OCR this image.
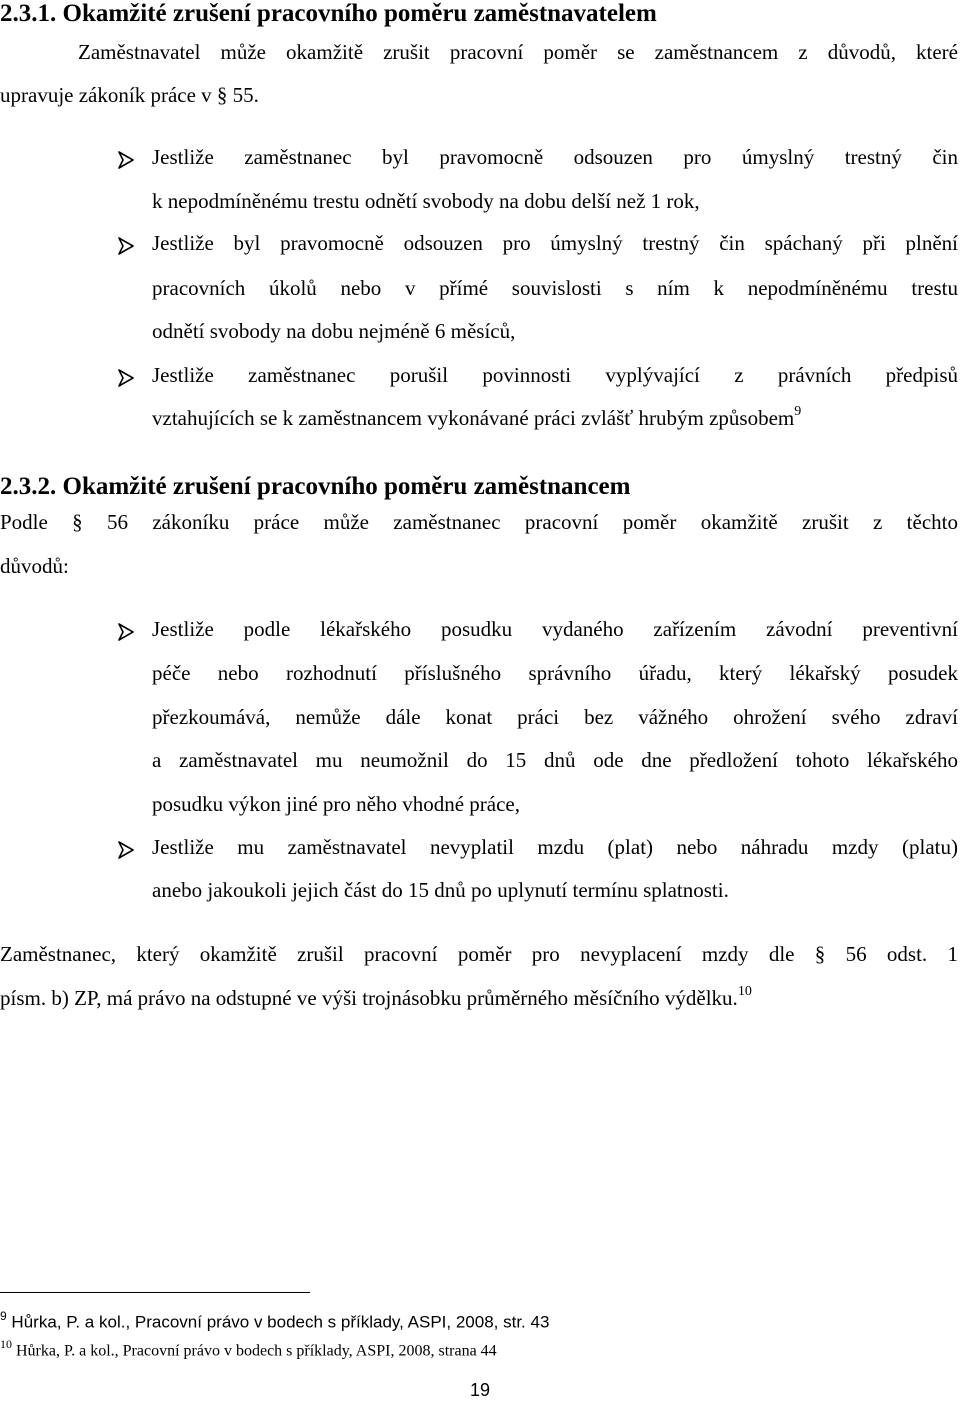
2.3.1. Okamžité zrušení pracovního poměru zaměstnavatelem
Zaměstnavatel může okamžitě zrušit pracovní poměr se zaměstnancem z důvodů, které
upravuje zákoník práce v § 55.
Jestliže zaměstnanec byl pravomocně odsouzen pro úmyslný trestný čin
k nepodmíněnému trestu odnětí svobody na dobu delší než 1 rok,
Jestliže byl pravomocně odsouzen pro úmyslný trestný čin spáchaný při plnění
pracovních úkolů nebo v přímé souvislosti s ním k nepodmíněnému trestu
odnětí svobody na dobu nejméně 6 měsíců,
Jestliže zaměstnanec porušil povinnosti vyplývající z právních předpisů
vztahujících se k zaměstnancem vykonávané práci zvlášť hrubým způsobem$^9$
2.3.2. Okamžité zrušení pracovního poměru zaměstnancem
Podle § 56 zákoníku práce může zaměstnanec pracovní poměr okamžitě zrušit z těchto
důvodů:
Jestliže podle lékařského posudku vydaného zařízením závodní preventivní
péče nebo rozhodnutí příslušného správního úřadu, který lékařský posudek
přezkoumává, nemůže dále konat práci bez vážného ohrožení svého zdraví
a zaměstnavatel mu neumožnil do 15 dnů ode dne předložení tohoto lékařského
posudku výkon jiné pro něho vhodné práce,
Jestliže mu zaměstnavatel nevyplatil mzdu (plat) nebo náhradu mzdy (platu)
anebo jakoukoli jejich část do 15 dnů po uplynutí termínu splatnosti.
Zaměstnanec, který okamžitě zrušil pracovní poměr pro nevyplacení mzdy dle § 56 odst. 1
písm. b) ZP, má právo na odstupné ve výši trojnásobku průměrného měsíčního výdělku.$^{10}$
$^9$ Hůrka, P. a kol., Pracovní právo v bodech s příklady, ASPI, 2008, str. 43
$^{10}$ Hůrka, P. a kol., Pracovní právo v bodech s příklady, ASPI, 2008, strana 44
19
